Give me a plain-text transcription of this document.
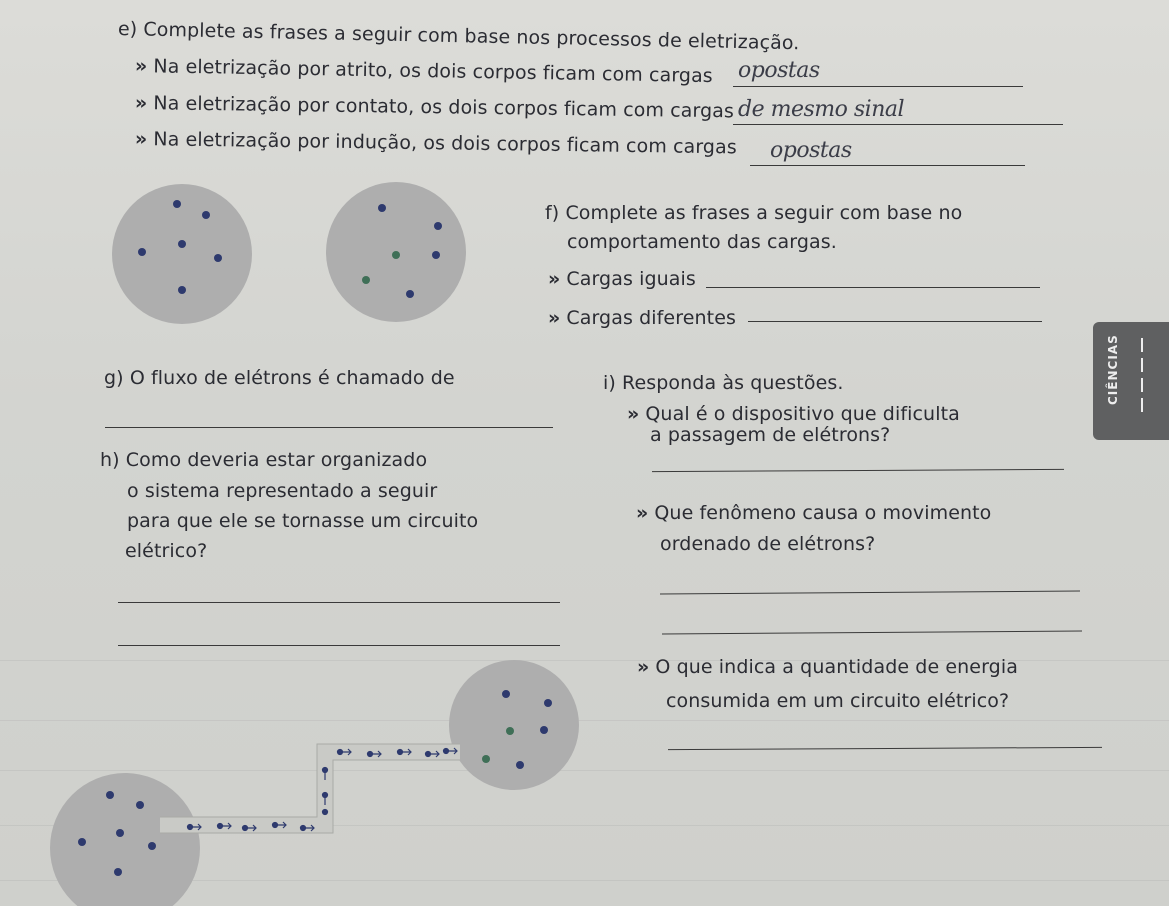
e) Complete as frases a seguir com base nos processos de eletrização.
» Na eletrização por atrito, os dois corpos ficam com cargas opostas
» Na eletrização por contato, os dois corpos ficam com cargas de mesmo sinal
» Na eletrização por indução, os dois corpos ficam com cargas opostas
f) Complete as frases a seguir com base no
comportamento das cargas.
» Cargas iguais
» Cargas diferentes
CIÊNCIAS
g) O fluxo de elétrons é chamado de	i) Responda às questões.
» Qual é o dispositivo que dificulta
a passagem de elétrons?
h) Como deveria estar organizado
o sistema representado a seguir
para que ele se tornasse um circuito
elétrico?
» Que fenômeno causa o movimento
ordenado de elétrons?
» O que indica a quantidade de energia
consumida em um circuito elétrico?
